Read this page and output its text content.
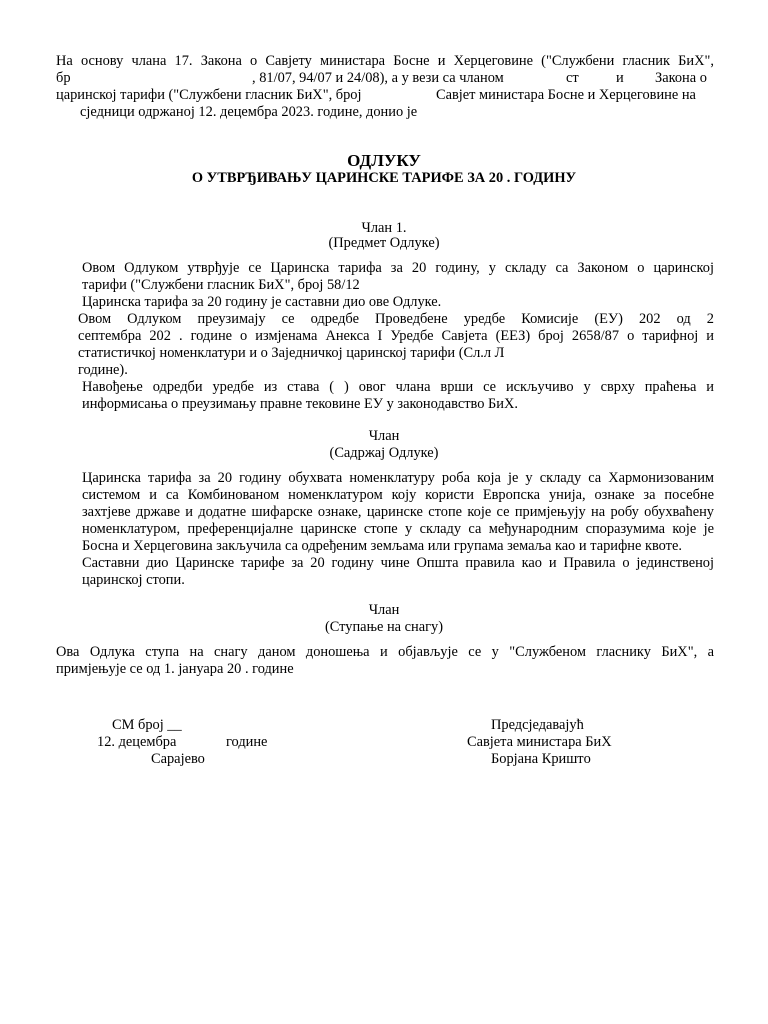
На основу члана 17. Закона о Савјету министара Босне и Херцеговине ("Службени гласник БиХ",
бр	, 81/07, 94/07 и 24/08), а у вези са чланом	ст	и Закона о
царинској тарифи ("Службени гласник БиХ", број	Савјет министара Босне и Херцеговине на
сједници одржаној 12. децембра 2023. године, донио је
ОДЛУКУ
О УТВРЂИВАЊУ ЦАРИНСКЕ ТАРИФЕ ЗА 20 . ГОДИНУ
Члан 1.
(Предмет Одлуке)
Овом Одлуком утврђује се Царинска тарифа за 20 годину, у складу са Законом о царинској
тарифи ("Службени гласник БиХ", број 58/12
Царинска тарифа за 20 годину је саставни дио ове Одлуке.
Овом Одлуком преузимају се одредбе Проведбене уредбе Комисије (ЕУ) 202 од 2
септембра 202 . године о измјенама Анекса I Уредбе Савјета (ЕЕЗ) број 2658/87 о тарифној и
статистичкој номенклатури и о Заједничкој царинској тарифи (Сл.л Л
године).
Навођење одредби уредбе из става ( ) овог члана врши се искључиво у сврху праћења и
информисања о преузимању правне тековине ЕУ у законодавство БиХ.
Члан
(Садржај Одлуке)
Царинска тарифа за 20 годину обухвата номенклатуру роба која је у складу са Хармонизованим
системом и са Комбинованом номенклатуром коју користи Европска унија, ознаке за посебне
захтјеве државе и додатне шифарске ознаке, царинске стопе које се примјењују на робу обухваћену
номенклатуром, преференцијалне царинске стопе у складу са међународним споразумима које је
Босна и Херцеговина закључила са одређеним земљама или групама земаља као и тарифне квоте.
Саставни дио Царинске тарифе за 20 годину чине Општа правила као и Правила о јединственој
царинској стопи.
Члан
(Ступање на снагу)
Ова Одлука ступа на снагу даном доношења и објављује се у "Службеном гласнику БиХ", а
примјењује се од 1. јануара 20 . године
СМ број __
12. децембра	године
Сарајево
Предсједавајућ
Савјета министара БиХ
Борјана Криштo
